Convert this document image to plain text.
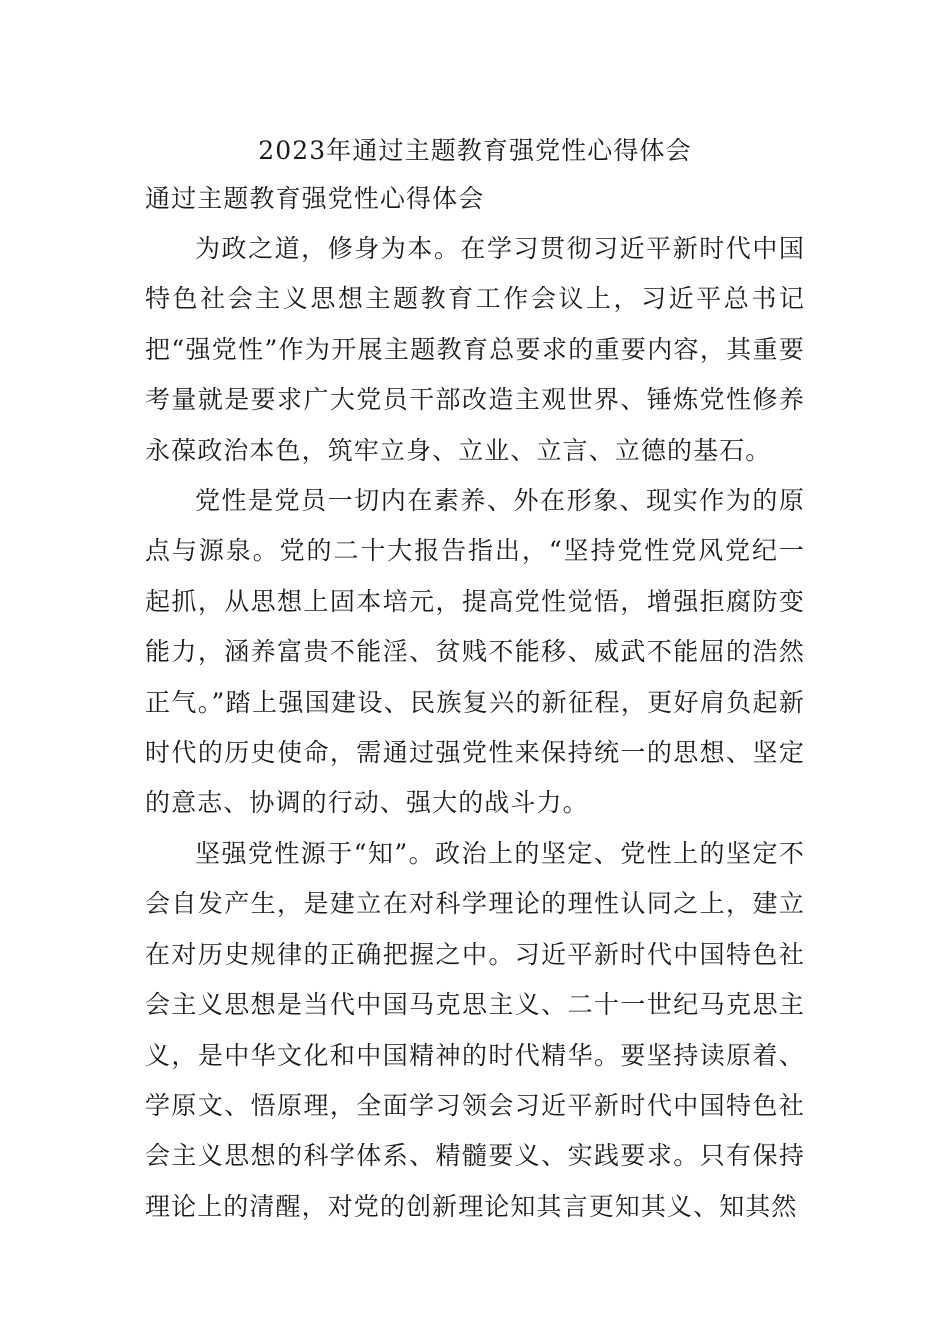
2023年通过主题教育强党性心得体会

通过主题教育强党性心得体会

为政之道，修身为本。在学习贯彻习近平新时代中国特色社会主义思想主题教育工作会议上，习近平总书记把“强党性”作为开展主题教育总要求的重要内容，其重要考量就是要求广大党员干部改造主观世界、锤炼党性修养永葆政治本色，筑牢立身、立业、立言、立德的基石。

党性是党员一切内在素养、外在形象、现实作为的原点与源泉。党的二十大报告指出，“坚持党性党风党纪一起抓，从思想上固本培元，提高党性觉悟，增强拒腐防变能力，涵养富贵不能淫、贫贱不能移、威武不能屈的浩然正气。”踏上强国建设、民族复兴的新征程，更好肩负起新时代的历史使命，需通过强党性来保持统一的思想、坚定的意志、协调的行动、强大的战斗力。

坚强党性源于“知”。政治上的坚定、党性上的坚定不会自发产生，是建立在对科学理论的理性认同之上，建立在对历史规律的正确把握之中。习近平新时代中国特色社会主义思想是当代中国马克思主义、二十一世纪马克思主义，是中华文化和中国精神的时代精华。要坚持读原着、学原文、悟原理，全面学习领会习近平新时代中国特色社会主义思想的科学体系、精髓要义、实践要求。只有保持理论上的清醒，对党的创新理论知其言更知其义、知其然
